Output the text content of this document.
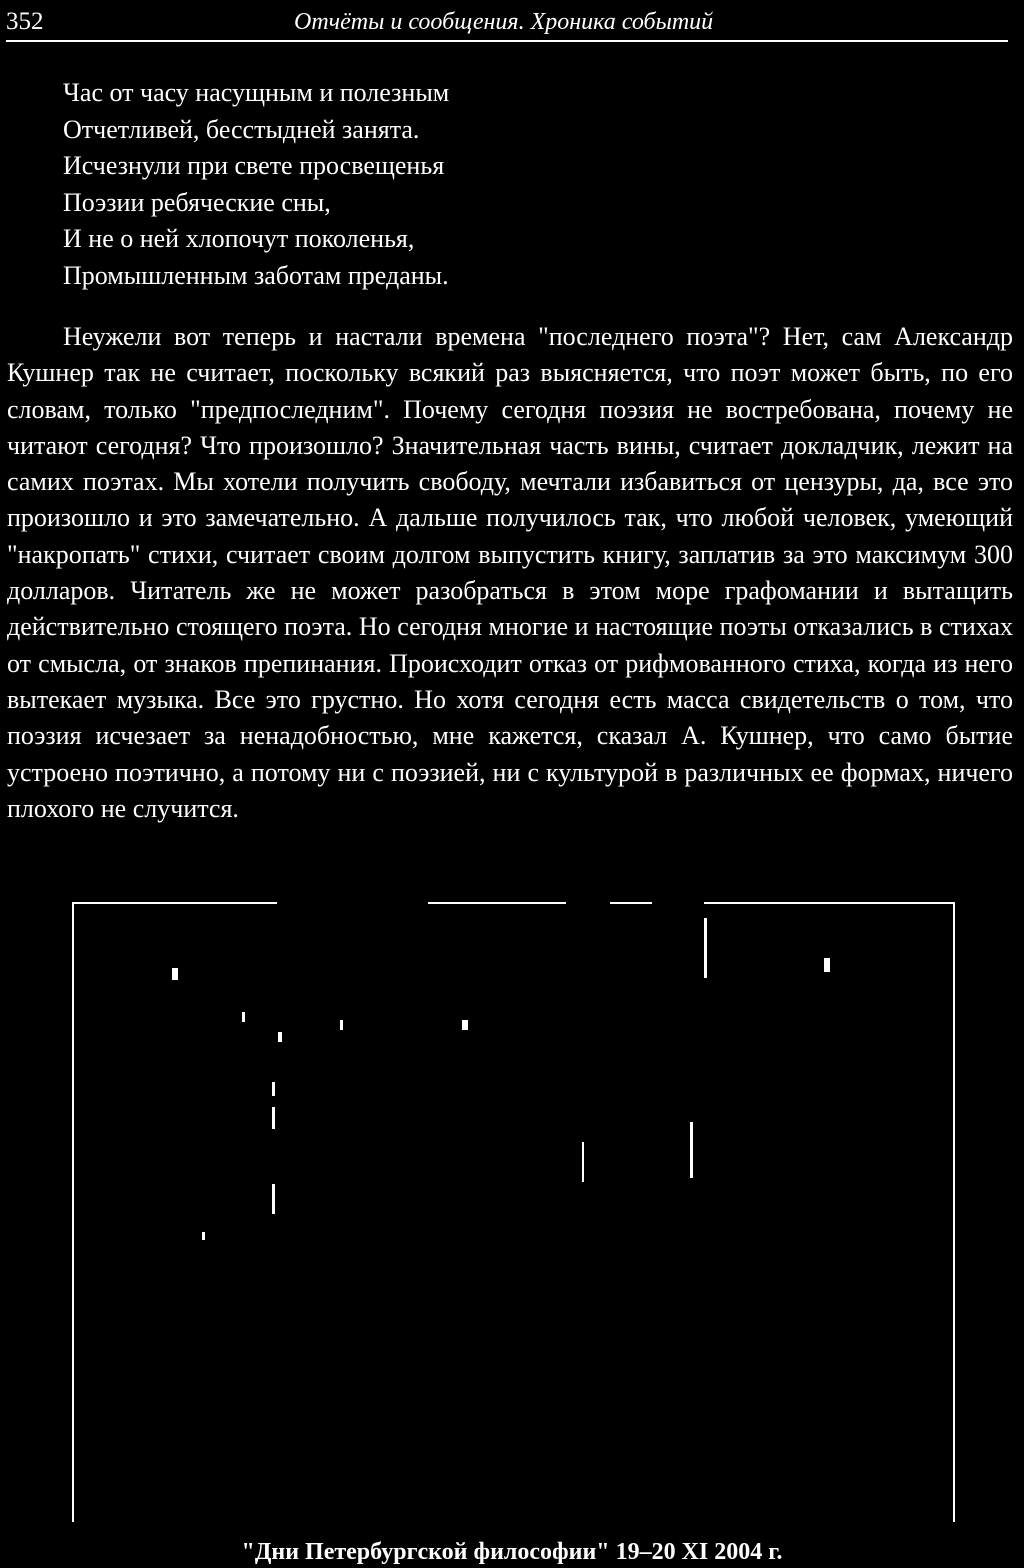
352	Отчёты и сообщения. Хроника событий
Час от часу насущным и полезным
Отчетливей, бесстыдней занята.
Исчезнули при свете просвещенья
Поэзии ребяческие сны,
И не о ней хлопочут поколенья,
Промышленным заботам преданы.

Неужели вот теперь и настали времена "последнего поэта"? Нет, сам Александр Кушнер так не считает, поскольку всякий раз выясняется, что поэт может быть, по его словам, только "предпоследним". Почему сегодня поэзия не востребована, почему не читают сегодня? Что произошло? Значительная часть вины, считает докладчик, лежит на самих поэтах. Мы хотели получить свободу, мечтали избавиться от цензуры, да, все это произошло и это замечательно. А дальше получилось так, что любой человек, умеющий "накропать" стихи, считает своим долгом выпустить книгу, заплатив за это максимум 300 долларов. Читатель же не может разобраться в этом море графомании и вытащить действительно стоящего поэта. Но сегодня многие и настоящие поэты отказались в стихах от смысла, от знаков препинания. Происходит отказ от рифмованного стиха, когда из него вытекает музыка. Все это грустно. Но хотя сегодня есть масса свидетельств о том, что поэзия исчезает за ненадобностью, мне кажется, сказал А. Кушнер, что само бытие устроено поэтично, а потому ни с поэзией, ни с культурой в различных ее формах, ничего плохого не случится.

"Дни Петербургской философии" 19–20 XI 2004 г.
